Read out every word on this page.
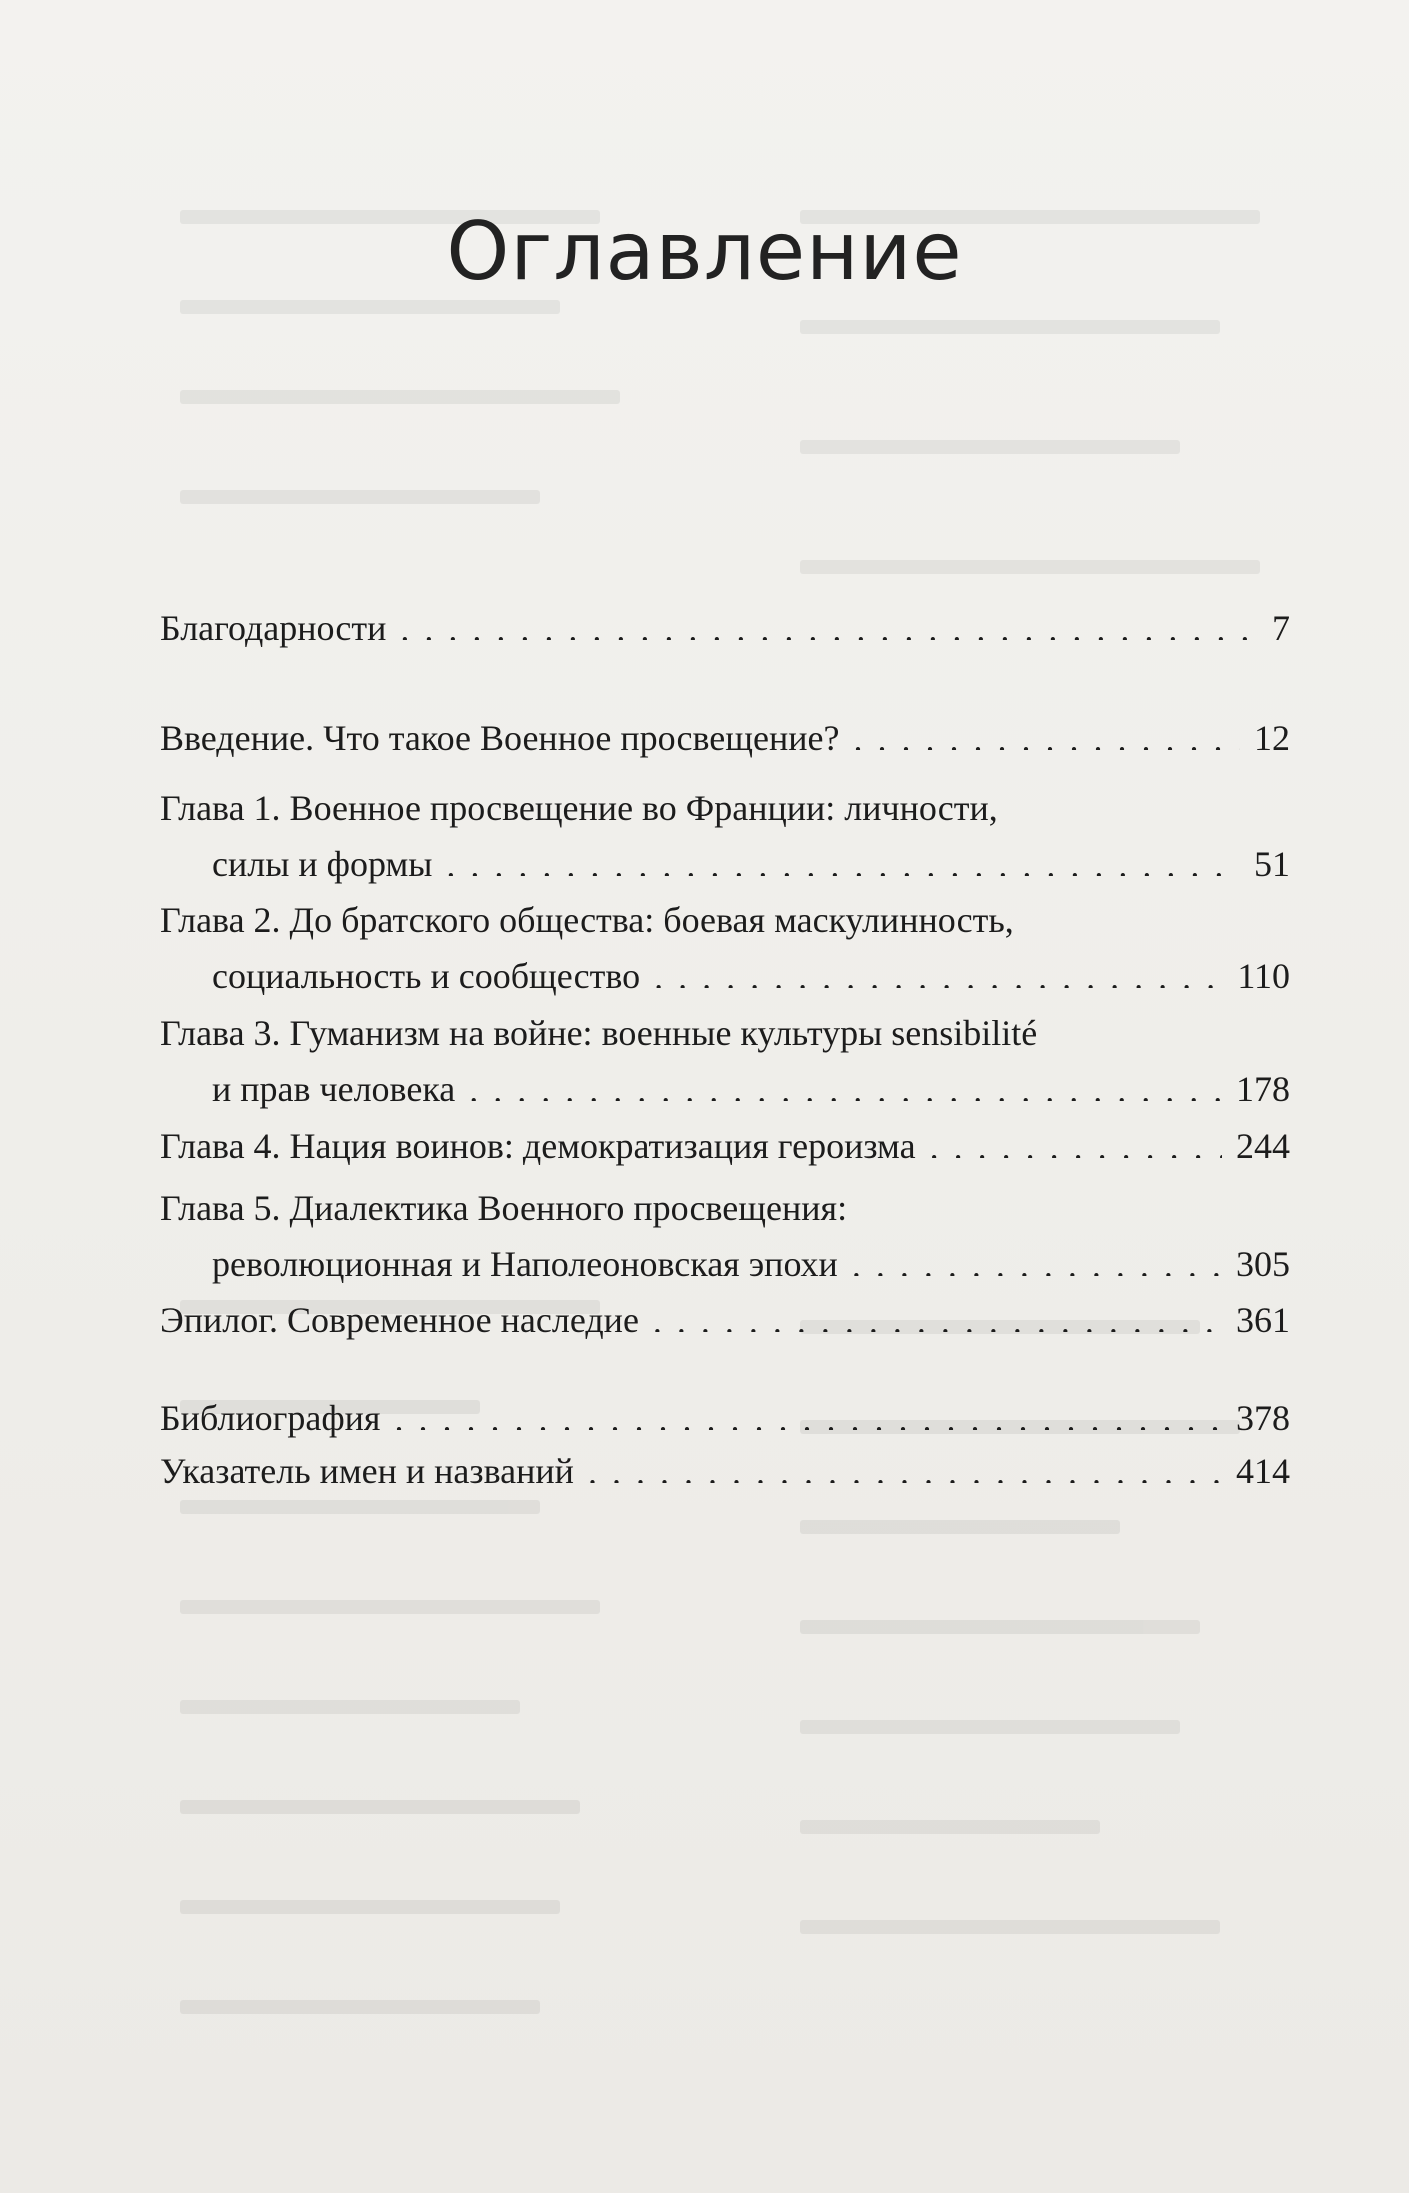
Оглавление
Благодарности . . .	7
Введение. Что такое Военное просвещение? . . .	12
Глава 1. Военное просвещение во Франции: личности,
силы и формы . . .	51
Глава 2. До братского общества: боевая маскулинность,
социальность и сообщество . . .	110
Глава 3. Гуманизм на войне: военные культуры sensibilité
и прав человека . . .	178
Глава 4. Нация воинов: демократизация героизма . . .	244
Глава 5. Диалектика Военного просвещения:
революционная и Наполеоновская эпохи . . .	305
Эпилог. Современное наследие . . .	361
Библиография . . .	378
Указатель имен и названий . . .	414
